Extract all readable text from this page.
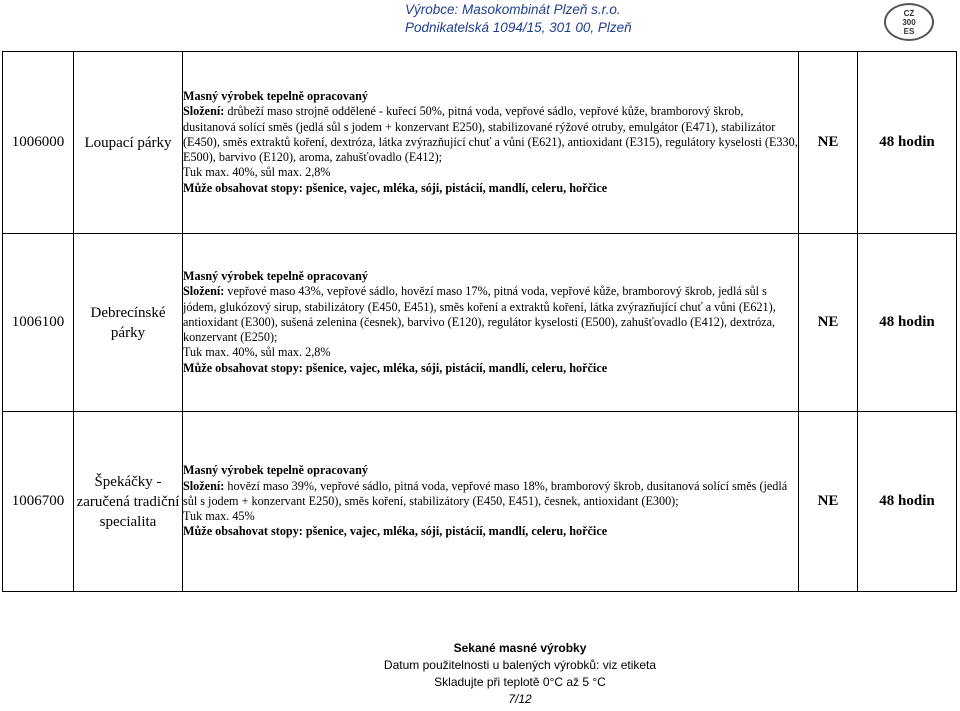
Výrobce: Masokombinát Plzeň s.r.o.
Podnikatelská 1094/15, 301 00, Plzeň
CZ
300
ES
1006000	Loupací párky	Masný výrobek tepelně opracovaný
Složení: drůbeží maso strojně oddělené - kuřecí 50%, pitná voda, vepřové sádlo, vepřové kůže, bramborový škrob, dusitanová solící směs (jedlá sůl s jodem + konzervant E250), stabilizované rýžové otruby, emulgátor (E471), stabilizátor (E450), směs extraktů koření, dextróza, látka zvýrazňující chuť a vůni (E621), antioxidant (E315), regulátory kyselosti (E330, E500), barvivo (E120), aroma, zahušťovadlo (E412);
Tuk max. 40%, sůl max. 2,8%
Může obsahovat stopy: pšenice, vajec, mléka, sóji, pistácií, mandlí, celeru, hořčice	NE	48 hodin
1006100	Debrecínské párky	Masný výrobek tepelně opracovaný
Složení: vepřové maso 43%, vepřové sádlo, hovězí maso 17%, pitná voda, vepřové kůže, bramborový škrob, jedlá sůl s jódem, glukózový sirup, stabilizátory (E450, E451), směs koření a extraktů koření, látka zvýrazňující chuť a vůni (E621), antioxidant (E300), sušená zelenina (česnek), barvivo (E120), regulátor kyselosti (E500), zahušťovadlo (E412), dextróza, konzervant (E250);
Tuk max. 40%, sůl max. 2,8%
Může obsahovat stopy: pšenice, vajec, mléka, sóji, pistácií, mandlí, celeru, hořčice	NE	48 hodin
1006700	Špekáčky - zaručená tradiční specialita	Masný výrobek tepelně opracovaný
Složení: hovězí maso 39%, vepřové sádlo, pitná voda, vepřové maso 18%, bramborový škrob, dusitanová solící směs (jedlá sůl s jodem + konzervant E250), směs koření, stabilizátory (E450, E451), česnek, antioxidant (E300);
Tuk max. 45%
Může obsahovat stopy: pšenice, vajec, mléka, sóji, pistácií, mandlí, celeru, hořčice	NE	48 hodin
Sekané masné výrobky
Datum použitelnosti u balených výrobků: viz etiketa
Skladujte při teplotě 0°C až 5 °C
7/12
